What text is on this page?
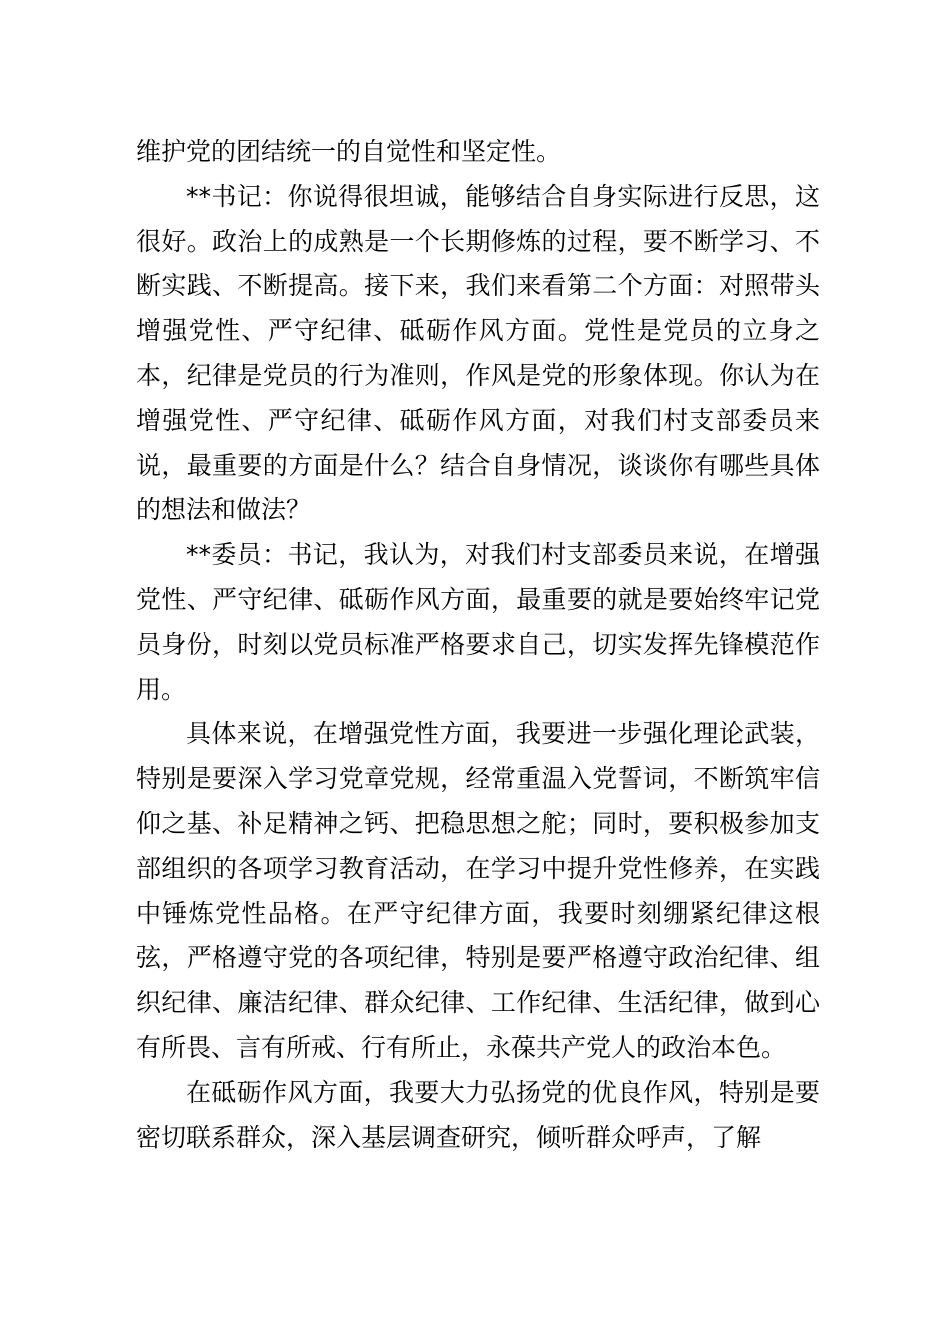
维护党的团结统一的自觉性和坚定性。

**书记：你说得很坦诚，能够结合自身实际进行反思，这很好。政治上的成熟是一个长期修炼的过程，要不断学习、不断实践、不断提高。接下来，我们来看第二个方面：对照带头增强党性、严守纪律、砥砺作风方面。党性是党员的立身之本，纪律是党员的行为准则，作风是党的形象体现。你认为在增强党性、严守纪律、砥砺作风方面，对我们村支部委员来说，最重要的方面是什么？结合自身情况，谈谈你有哪些具体的想法和做法？

**委员：书记，我认为，对我们村支部委员来说，在增强党性、严守纪律、砥砺作风方面，最重要的就是要始终牢记党员身份，时刻以党员标准严格要求自己，切实发挥先锋模范作用。

具体来说，在增强党性方面，我要进一步强化理论武装，特别是要深入学习党章党规，经常重温入党誓词，不断筑牢信仰之基、补足精神之钙、把稳思想之舵；同时，要积极参加支部组织的各项学习教育活动，在学习中提升党性修养，在实践中锤炼党性品格。在严守纪律方面，我要时刻绷紧纪律这根弦，严格遵守党的各项纪律，特别是要严格遵守政治纪律、组织纪律、廉洁纪律、群众纪律、工作纪律、生活纪律，做到心有所畏、言有所戒、行有所止，永葆共产党人的政治本色。

在砥砺作风方面，我要大力弘扬党的优良作风，特别是要密切联系群众，深入基层调查研究，倾听群众呼声，了解
